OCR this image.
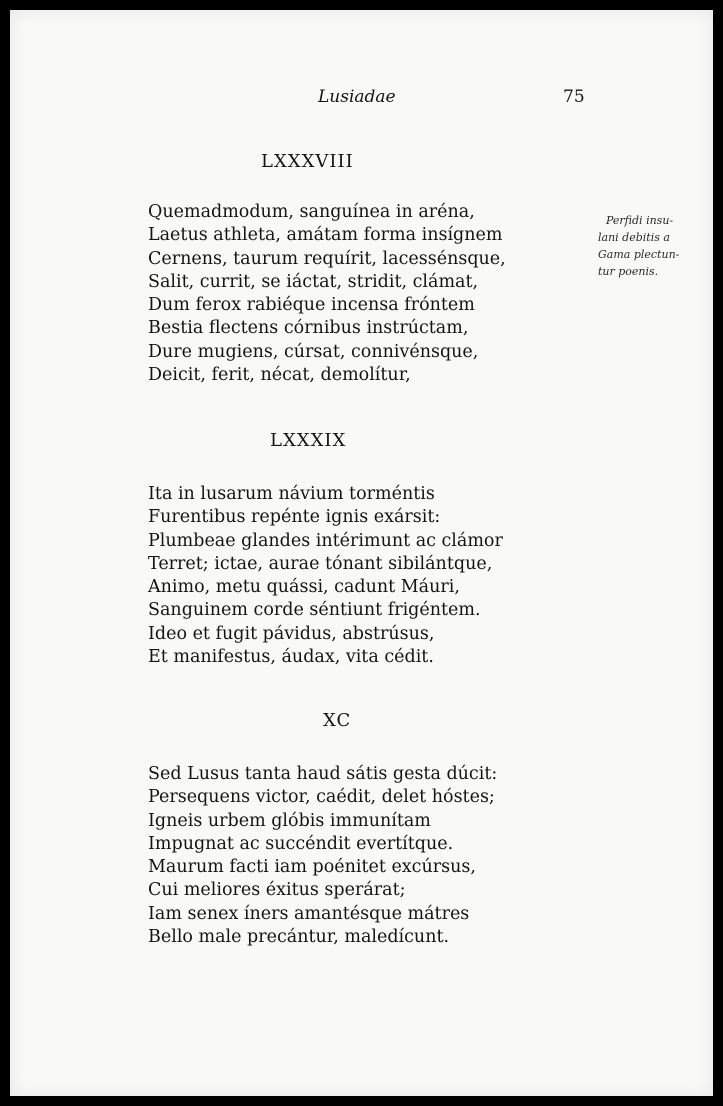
Lusiadae	75
LXXXVIII
Quemadmodum, sanguínea in aréna,
Laetus athleta, amátam forma insígnem
Cernens, taurum requírit, lacessénsque,
Salit, currit, se iáctat, stridit, clámat,
Dum ferox rabiéque incensa fróntem
Bestia flectens córnibus instrúctam,
Dure mugiens, cúrsat, connivénsque,
Deicit, ferit, nécat, demolítur,
LXXXIX
Ita in lusarum návium torméntis
Furentibus repénte ignis exársit:
Plumbeae glandes intérimunt ac clámor
Terret; ictae, aurae tónant sibilántque,
Animo, metu quássi, cadunt Máuri,
Sanguinem corde séntiunt frigéntem.
Ideo et fugit pávidus, abstrúsus,
Et manifestus, áudax, vita cédit.
XC
Sed Lusus tanta haud sátis gesta dúcit:
Persequens victor, caédit, delet hóstes;
Igneis urbem glóbis immunítam
Impugnat ac succéndit evertítque.
Maurum facti iam poénitet excúrsus,
Cui meliores éxitus sperárat;
Iam senex íners amantésque mátres
Bello male precántur, maledícunt.
Perfidi insu-
lani debitis a
Gama plectun-
tur poenis.
